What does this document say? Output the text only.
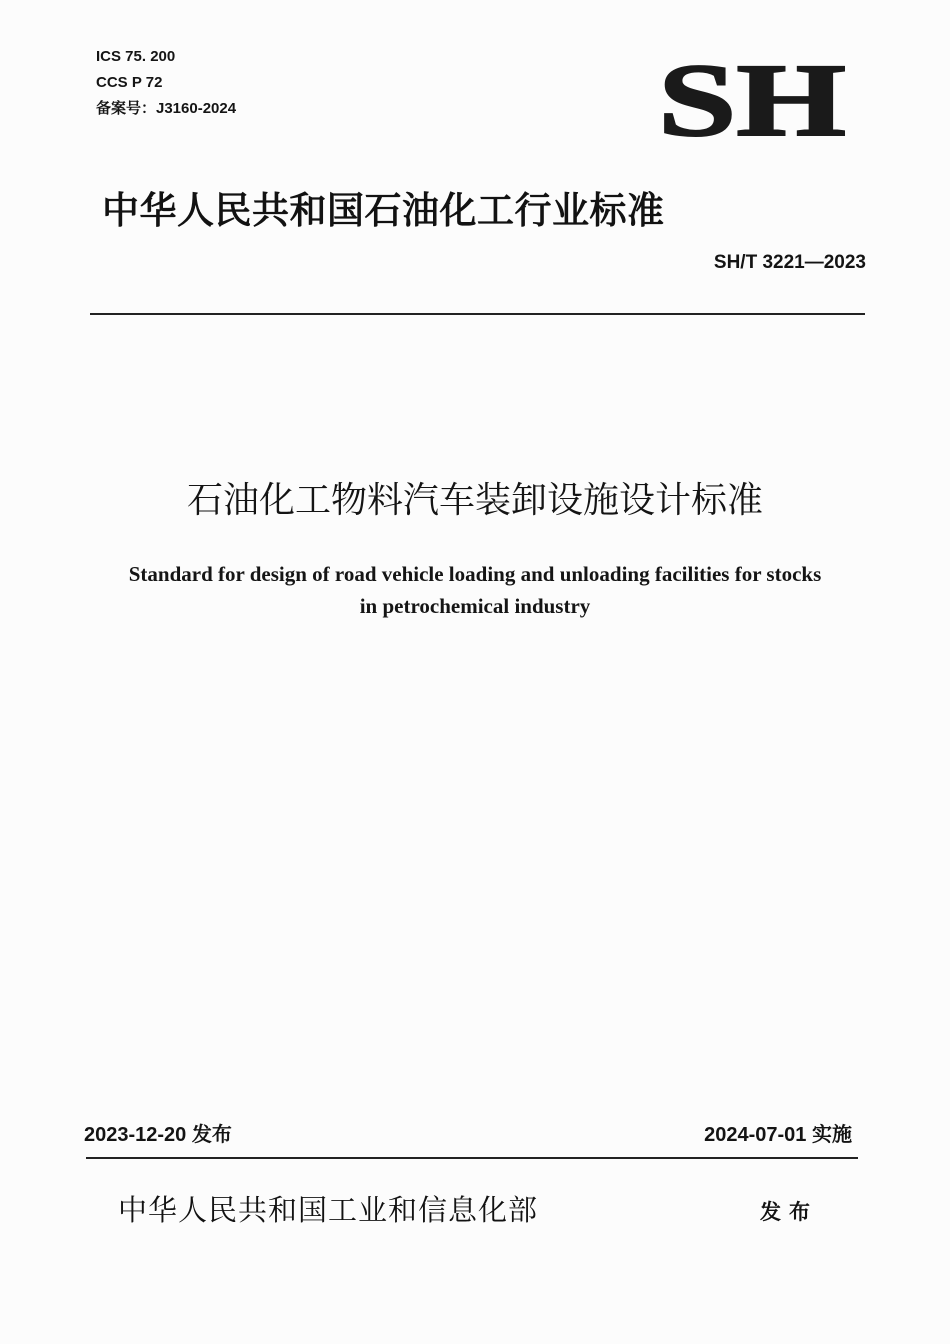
ICS 75. 200
CCS P 72
备案号：J3160-2024	SH
中华人民共和国石油化工行业标准
SH/T 3221—2023
石油化工物料汽车装卸设施设计标准
Standard for design of road vehicle loading and unloading facilities for stocks
in petrochemical industry
2023-12-20 发布	2024-07-01 实施
中华人民共和国工业和信息化部	发布
